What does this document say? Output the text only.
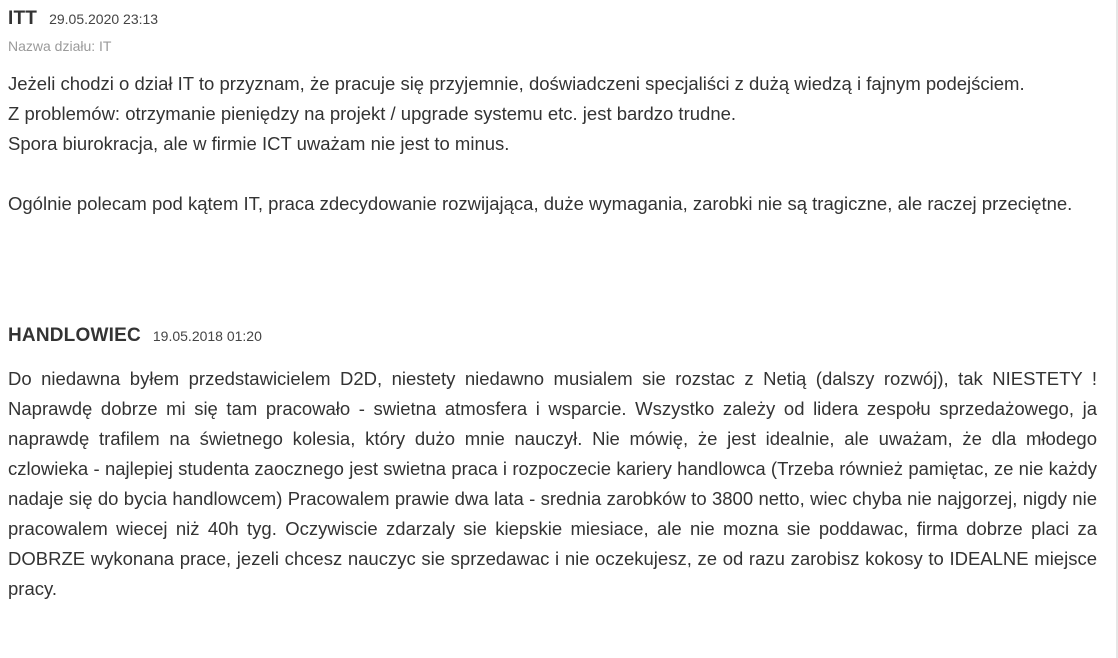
ITT 29.05.2020 23:13
Nazwa działu: IT

Jeżeli chodzi o dział IT to przyznam, że pracuje się przyjemnie, doświadczeni specjaliści z dużą wiedzą i fajnym podejściem.

Z problemów: otrzymanie pieniędzy na projekt / upgrade systemu etc. jest bardzo trudne.

Spora biurokracja, ale w firmie ICT uważam nie jest to minus.

Ogólnie polecam pod kątem IT, praca zdecydowanie rozwijająca, duże wymagania, zarobki nie są tragiczne, ale raczej przeciętne.

HANDLOWIEC 19.05.2018 01:20

Do niedawna byłem przedstawicielem D2D, niestety niedawno musialem sie rozstac z Netią (dalszy rozwój), tak NIESTETY ! Naprawdę dobrze mi się tam pracowało - swietna atmosfera i wsparcie. Wszystko zależy od lidera zespołu sprzedażowego, ja naprawdę trafilem na świetnego kolesia, który dużo mnie nauczył. Nie mówię, że jest idealnie, ale uważam, że dla młodego czlowieka - najlepiej studenta zaocznego jest swietna praca i rozpoczecie kariery handlowca (Trzeba również pamiętac, ze nie każdy nadaje się do bycia handlowcem) Pracowalem prawie dwa lata - srednia zarobków to 3800 netto, wiec chyba nie najgorzej, nigdy nie pracowalem wiecej niż 40h tyg. Oczywiscie zdarzaly sie kiepskie miesiace, ale nie mozna sie poddawac, firma dobrze placi za DOBRZE wykonana prace, jezeli chcesz nauczyc sie sprzedawac i nie oczekujesz, ze od razu zarobisz kokosy to IDEALNE miejsce pracy.
